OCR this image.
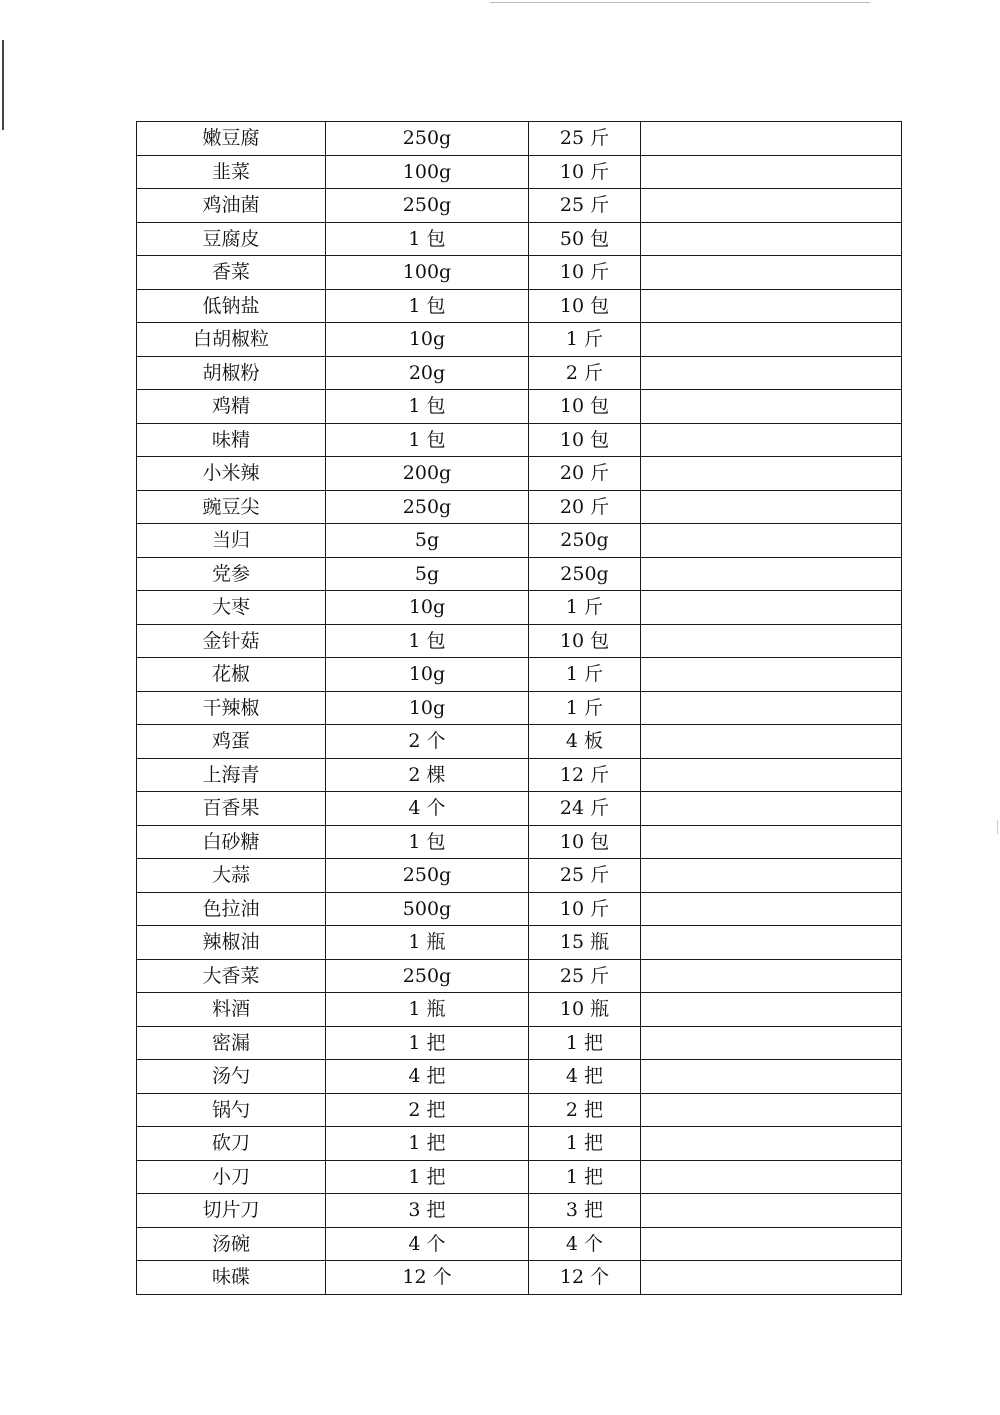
嫩豆腐	250g	25 斤	
韭菜	100g	10 斤	
鸡油菌	250g	25 斤	
豆腐皮	1 包	50 包	
香菜	100g	10 斤	
低钠盐	1 包	10 包	
白胡椒粒	10g	1 斤	
胡椒粉	20g	2 斤	
鸡精	1 包	10 包	
味精	1 包	10 包	
小米辣	200g	20 斤	
豌豆尖	250g	20 斤	
当归	5g	250g	
党参	5g	250g	
大枣	10g	1 斤	
金针菇	1 包	10 包	
花椒	10g	1 斤	
干辣椒	10g	1 斤	
鸡蛋	2 个	4 板	
上海青	2 棵	12 斤	
百香果	4 个	24 斤	
白砂糖	1 包	10 包	
大蒜	250g	25 斤	
色拉油	500g	10 斤	
辣椒油	1 瓶	15 瓶	
大香菜	250g	25 斤	
料酒	1 瓶	10 瓶	
密漏	1 把	1 把	
汤勺	4 把	4 把	
锅勺	2 把	2 把	
砍刀	1 把	1 把	
小刀	1 把	1 把	
切片刀	3 把	3 把	
汤碗	4 个	4 个	
味碟	12 个	12 个	
